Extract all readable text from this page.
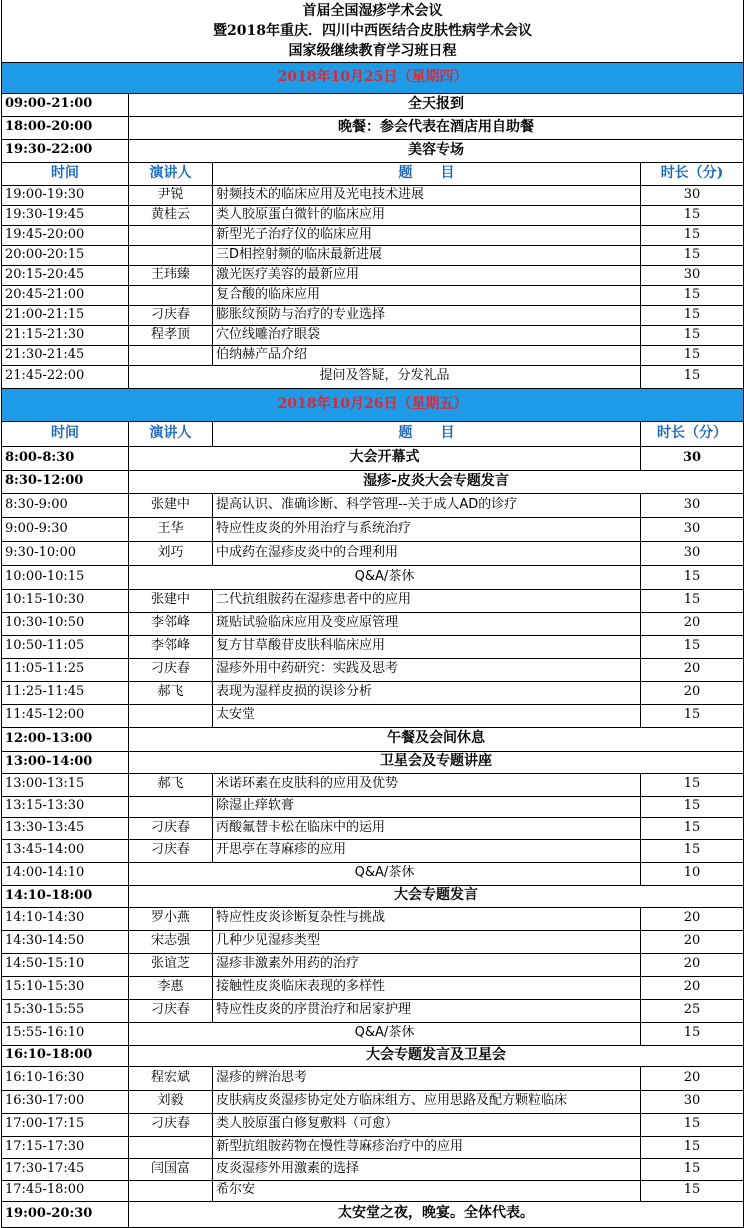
首届全国湿疹学术会议			
暨2018年重庆．四川中西医结合皮肤性病学术会议			
国家级继续教育学习班日程			
2018年10月25日（星期四）			
09:00-21:00	全天报到		
18:00-20:00	晚餐：参会代表在酒店用自助餐		
19:30-22:00	美容专场		
时间	演讲人	题　　目	时长（分)
19:00-19:30	尹锐	射频技术的临床应用及光电技术进展	30
19:30-19:45	黄桂云	类人胶原蛋白微针的临床应用	15
19:45-20:00		新型光子治疗仪的临床应用	15
20:00-20:15		三D相控射频的临床最新进展	15
20:15-20:45	王玮臻	激光医疗美容的最新应用	30
20:45-21:00		复合酸的临床应用	15
21:00-21:15	刁庆春	膨胀纹预防与治疗的专业选择	15
21:15-21:30	程孝顶	穴位线雕治疗眼袋	15
21:30-21:45		伯纳赫产品介绍	15
21:45-22:00	提问及答疑，分发礼品		15
2018年10月26日（星期五）			
时间	演讲人	题　　目	时长（分）
8:00-8:30	大会开幕式		30
8:30-12:00	湿疹-皮炎大会专题发言		
8:30-9:00	张建中	提高认识、准确诊断、科学管理--关于成人AD的诊疗	30
9:00-9:30	王华	特应性皮炎的外用治疗与系统治疗	30
9:30-10:00	刘巧	中成药在湿疹皮炎中的合理利用	30
10:00-10:15	Q&A/茶休		15
10:15-10:30	张建中	二代抗组胺药在湿疹患者中的应用	15
10:30-10:50	李邻峰	斑贴试验临床应用及变应原管理	20
10:50-11:05	李邻峰	复方甘草酸苷皮肤科临床应用	15
11:05-11:25	刁庆春	湿疹外用中药研究：实践及思考	20
11:25-11:45	郝飞	表现为湿样皮损的误诊分析	20
11:45-12:00		太安堂	15
12:00-13:00	午餐及会间休息		
13:00-14:00	卫星会及专题讲座		
13:00-13:15	郝飞	米诺环素在皮肤科的应用及优势	15
13:15-13:30		除湿止痒软膏	15
13:30-13:45	刁庆春	丙酸氟替卡松在临床中的运用	15
13:45-14:00	刁庆春	开思亭在荨麻疹的应用	15
14:00-14:10	Q&A/茶休		10
14:10-18:00	大会专题发言		
14:10-14:30	罗小燕	特应性皮炎诊断复杂性与挑战	20
14:30-14:50	宋志强	几种少见湿疹类型	20
14:50-15:10	张谊芝	湿疹非激素外用药的治疗	20
15:10-15:30	李惠	接触性皮炎临床表现的多样性	20
15:30-15:55	刁庆春	特应性皮炎的序贯治疗和居家护理	25
15:55-16:10	Q&A/茶休		15
16:10-18:00	大会专题发言及卫星会		
16:10-16:30	程宏斌	湿疹的辨治思考	20
16:30-17:00	刘毅	皮肤病皮炎湿疹协定处方临床组方、应用思路及配方颗粒临床	30
17:00-17:15	刁庆春	类人胶原蛋白修复敷料（可愈）	15
17:15-17:30		新型抗组胺药物在慢性荨麻疹治疗中的应用	15
17:30-17:45	闫国富	皮炎湿疹外用激素的选择	15
17:45-18:00		希尔安	15
19:00-20:30	太安堂之夜，晚宴。全体代表。		
